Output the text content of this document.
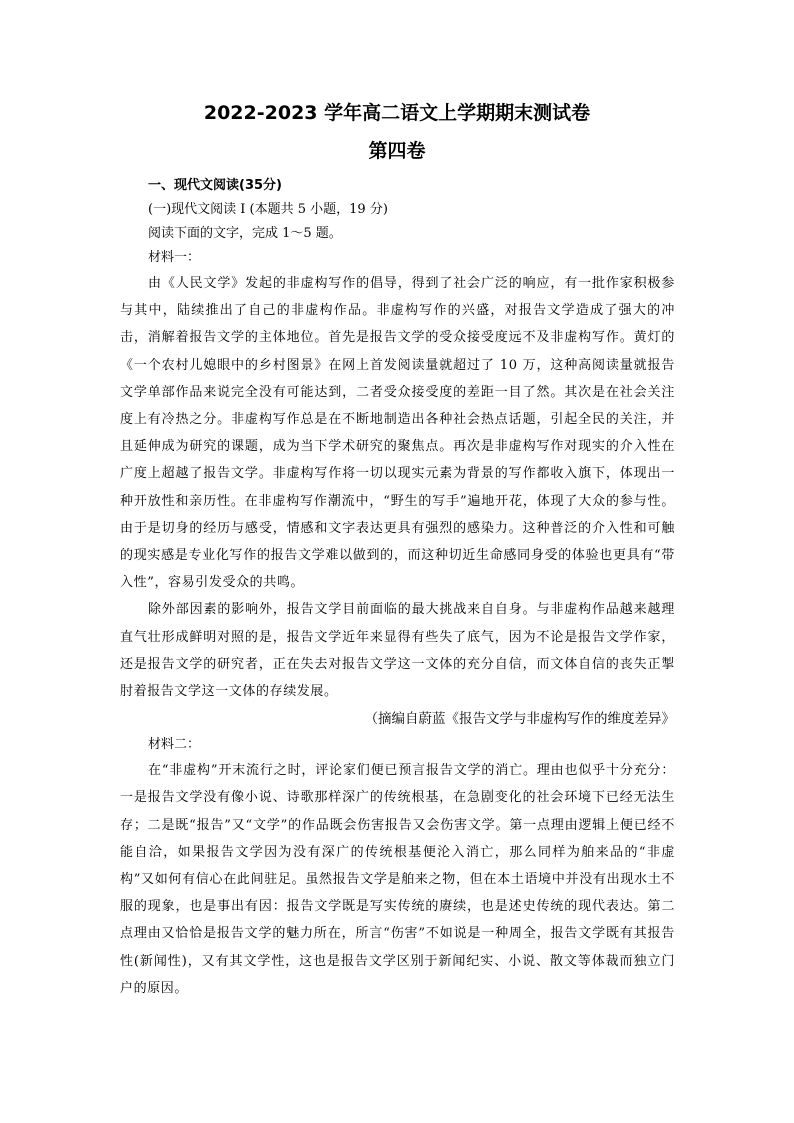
2022-2023 学年高二语文上学期期末测试卷
第四卷

一、现代文阅读(35分)

(一)现代文阅读 I (本题共 5 小题，19 分)

阅读下面的文字，完成 1～5 题。

材料一：

由《人民文学》发起的非虚构写作的倡导，得到了社会广泛的响应，有一批作家积极参与其中，陆续推出了自己的非虚构作品。非虚构写作的兴盛，对报告文学造成了强大的冲击，消解着报告文学的主体地位。首先是报告文学的受众接受度远不及非虚构写作。黄灯的《一个农村儿媳眼中的乡村图景》在网上首发阅读量就超过了 10 万，这种高阅读量就报告文学单部作品来说完全没有可能达到，二者受众接受度的差距一目了然。其次是在社会关注度上有冷热之分。非虚构写作总是在不断地制造出各种社会热点话题，引起全民的关注，并且延伸成为研究的课题，成为当下学术研究的聚焦点。再次是非虚构写作对现实的介入性在广度上超越了报告文学。非虚构写作将一切以现实元素为背景的写作都收入旗下，体现出一种开放性和亲历性。在非虚构写作潮流中，“野生的写手”遍地开花，体现了大众的参与性。由于是切身的经历与感受，情感和文字表达更具有强烈的感染力。这种普泛的介入性和可触的现实感是专业化写作的报告文学难以做到的，而这种切近生命感同身受的体验也更具有“带入性”，容易引发受众的共鸣。

除外部因素的影响外，报告文学目前面临的最大挑战来自自身。与非虚构作品越来越理直气壮形成鲜明对照的是，报告文学近年来显得有些失了底气，因为不论是报告文学作家，还是报告文学的研究者，正在失去对报告文学这一文体的充分自信，而文体自信的丧失正掣肘着报告文学这一文体的存续发展。

（摘编自蔚蓝《报告文学与非虚构写作的维度差异》

材料二：

在“非虚构”开末流行之时，评论家们便已预言报告文学的消亡。理由也似乎十分充分：一是报告文学没有像小说、诗歌那样深广的传统根基，在急剧变化的社会环境下已经无法生存；二是既“报告”又“文学”的作品既会伤害报告又会伤害文学。第一点理由逻辑上便已经不能自洽，如果报告文学因为没有深广的传统根基便沦入消亡，那么同样为舶来品的“非虚构”又如何有信心在此间驻足。虽然报告文学是舶来之物，但在本土语境中并没有出现水土不服的现象，也是事出有因：报告文学既是写实传统的赓续，也是述史传统的现代表达。第二点理由又恰恰是报告文学的魅力所在，所言“伤害”不如说是一种周全，报告文学既有其报告性(新闻性)，又有其文学性，这也是报告文学区别于新闻纪实、小说、散文等体裁而独立门户的原因。
